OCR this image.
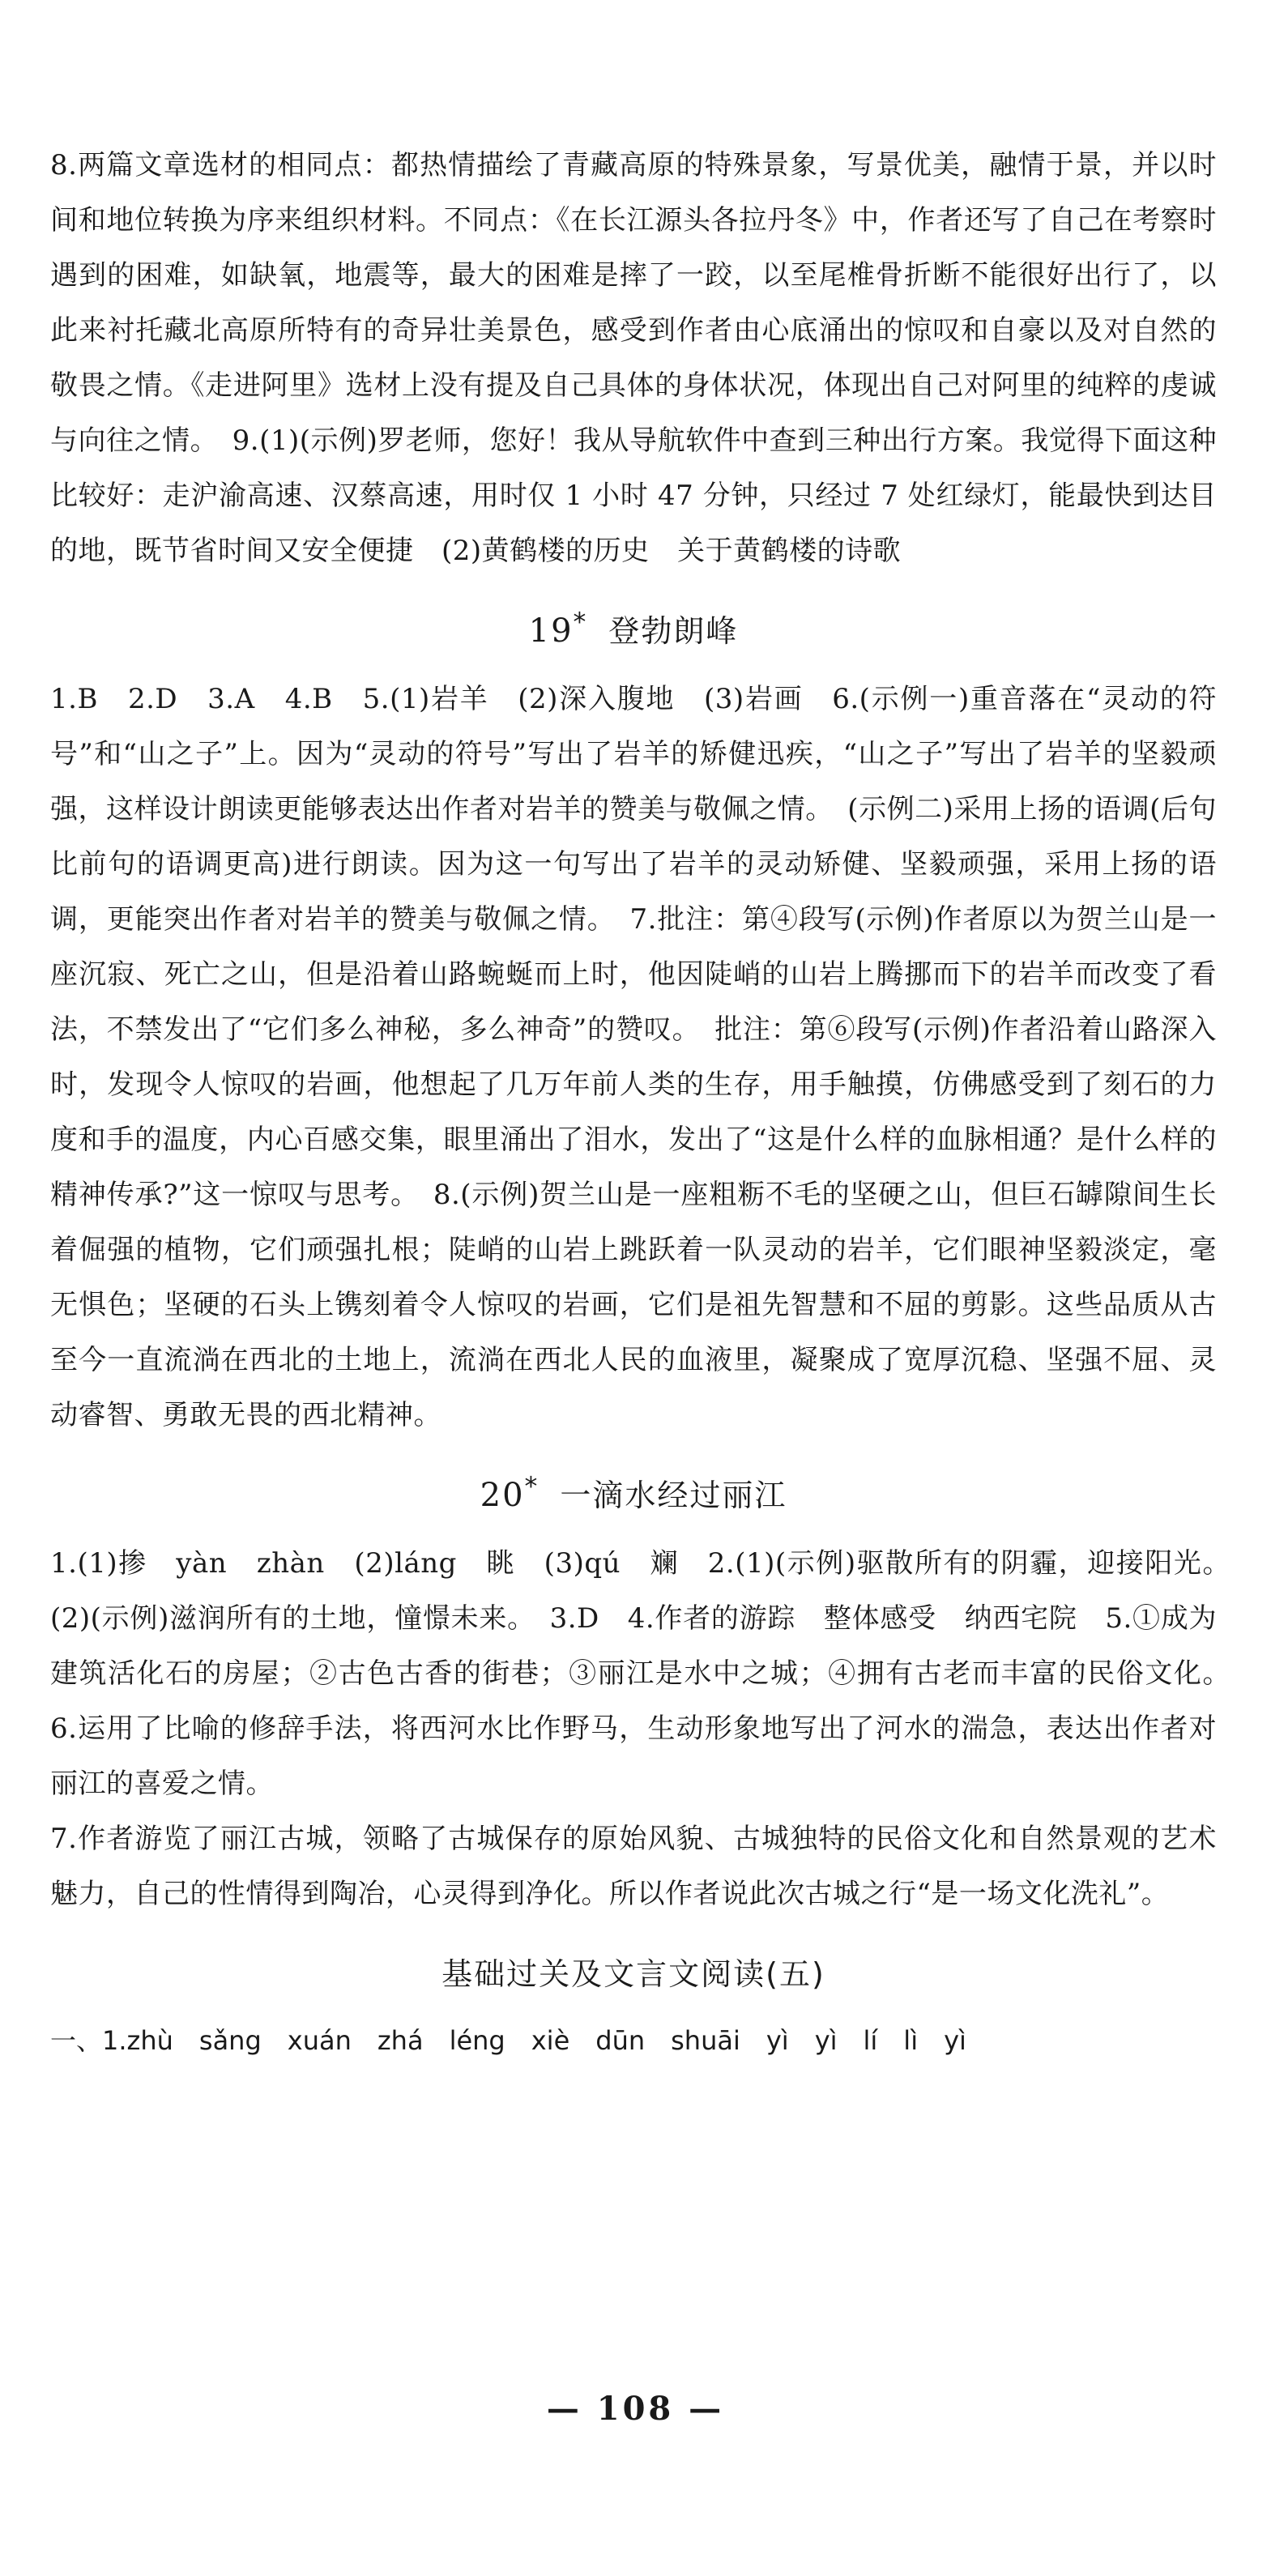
8.两篇文章选材的相同点：都热情描绘了青藏高原的特殊景象，写景优美，融情于景，并以时间和地位转换为序来组织材料。不同点：《在长江源头各拉丹冬》中，作者还写了自己在考察时遇到的困难，如缺氧，地震等，最大的困难是摔了一跤，以至尾椎骨折断不能很好出行了，以此来衬托藏北高原所特有的奇异壮美景色，感受到作者由心底涌出的惊叹和自豪以及对自然的敬畏之情。《走进阿里》选材上没有提及自己具体的身体状况，体现出自己对阿里的纯粹的虔诚与向往之情。　9.(1)(示例)罗老师，您好！我从导航软件中查到三种出行方案。我觉得下面这种比较好：走沪渝高速、汉蔡高速，用时仅 1 小时 47 分钟，只经过 7 处红绿灯，能最快到达目的地，既节省时间又安全便捷　(2)黄鹤楼的历史　关于黄鹤楼的诗歌

19* 登勃朗峰

1.B　2.D　3.A　4.B　5.(1)岩羊　(2)深入腹地　(3)岩画　6.(示例一)重音落在“灵动的符号”和“山之子”上。因为“灵动的符号”写出了岩羊的矫健迅疾，“山之子”写出了岩羊的坚毅顽强，这样设计朗读更能够表达出作者对岩羊的赞美与敬佩之情。　(示例二)采用上扬的语调(后句比前句的语调更高)进行朗读。因为这一句写出了岩羊的灵动矫健、坚毅顽强，采用上扬的语调，更能突出作者对岩羊的赞美与敬佩之情。　7.批注：第④段写(示例)作者原以为贺兰山是一座沉寂、死亡之山，但是沿着山路蜿蜒而上时，他因陡峭的山岩上腾挪而下的岩羊而改变了看法，不禁发出了“它们多么神秘，多么神奇”的赞叹。　批注：第⑥段写(示例)作者沿着山路深入时，发现令人惊叹的岩画，他想起了几万年前人类的生存，用手触摸，仿佛感受到了刻石的力度和手的温度，内心百感交集，眼里涌出了泪水，发出了“这是什么样的血脉相通？是什么样的精神传承?”这一惊叹与思考。　8.(示例)贺兰山是一座粗粝不毛的坚硬之山，但巨石罅隙间生长着倔强的植物，它们顽强扎根；陡峭的山岩上跳跃着一队灵动的岩羊，它们眼神坚毅淡定，毫无惧色；坚硬的石头上镌刻着令人惊叹的岩画，它们是祖先智慧和不屈的剪影。这些品质从古至今一直流淌在西北的土地上，流淌在西北人民的血液里，凝聚成了宽厚沉稳、坚强不屈、灵动睿智、勇敢无畏的西北精神。

20* 一滴水经过丽江

1.(1)掺　yàn　zhàn　(2)láng　眺　(3)qú　斓　2.(1)(示例)驱散所有的阴霾，迎接阳光。　(2)(示例)滋润所有的土地，憧憬未来。　3.D　4.作者的游踪　整体感受　纳西宅院　5.①成为建筑活化石的房屋；②古色古香的街巷；③丽江是水中之城；④拥有古老而丰富的民俗文化。　6.运用了比喻的修辞手法，将西河水比作野马，生动形象地写出了河水的湍急，表达出作者对丽江的喜爱之情。

7.作者游览了丽江古城，领略了古城保存的原始风貌、古城独特的民俗文化和自然景观的艺术魅力，自己的性情得到陶冶，心灵得到净化。所以作者说此次古城之行“是一场文化洗礼”。

基础过关及文言文阅读(五)

一、1.zhù　sǎng　xuán　zhá　léng　xiè　dūn　shuāi　yì　yì　lí　lì　yì

— 108 —
